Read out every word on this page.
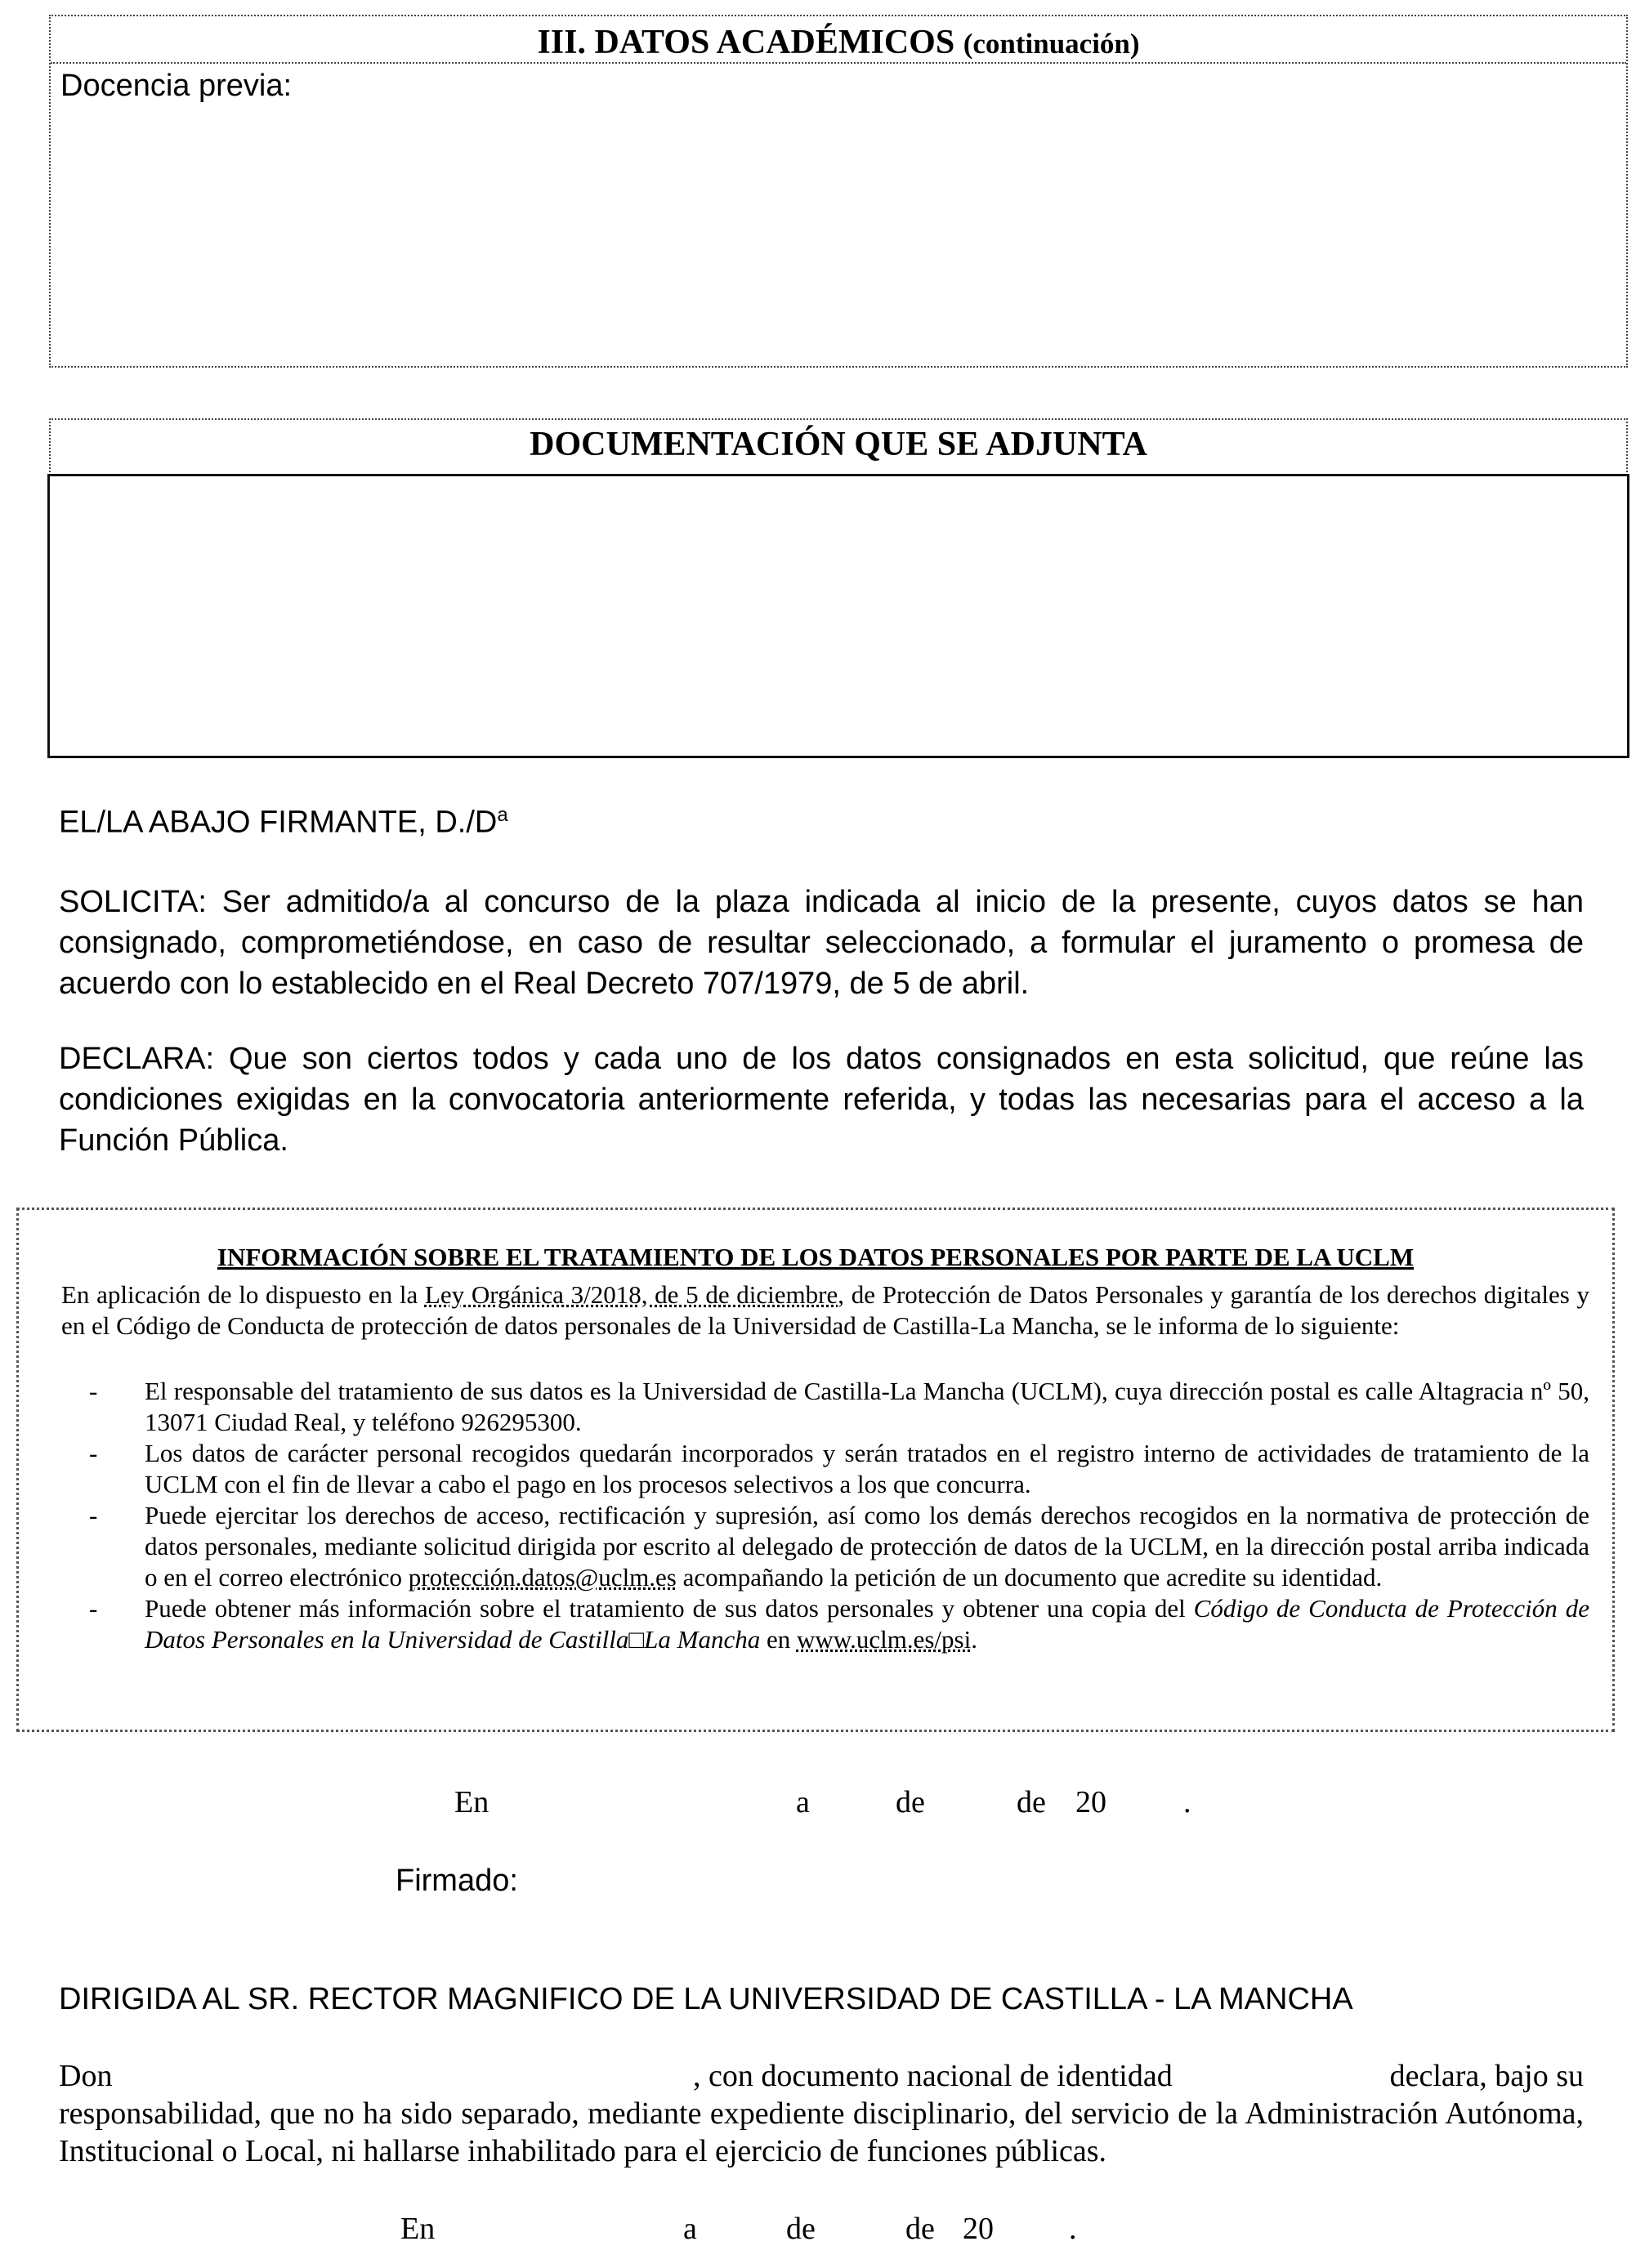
III. DATOS ACADÉMICOS (continuación)
Docencia previa:
DOCUMENTACIÓN QUE SE ADJUNTA
EL/LA ABAJO FIRMANTE, $D./D^a$
SOLICITA: Ser admitido/a al concurso de la plaza indicada al inicio de la presente, cuyos datos se han consignado, comprometiéndose, en caso de resultar seleccionado, a formular el juramento o promesa de acuerdo con lo establecido en el Real Decreto 707/1979, de 5 de abril.
DECLARA: Que son ciertos todos y cada uno de los datos consignados en esta solicitud, que reúne las condiciones exigidas en la convocatoria anteriormente referida, y todas las necesarias para el acceso a la Función Pública.
INFORMACIÓN SOBRE EL TRATAMIENTO DE LOS DATOS PERSONALES POR PARTE DE LA UCLM
En aplicación de lo dispuesto en la Ley Orgánica 3/2018, de 5 de diciembre, de Protección de Datos Personales y garantía de los derechos digitales y en el Código de Conducta de protección de datos personales de la Universidad de Castilla-La Mancha, se le informa de lo siguiente:
- El responsable del tratamiento de sus datos es la Universidad de Castilla-La Mancha (UCLM), cuya dirección postal es calle Altagracia nº 50, 13071 Ciudad Real, y teléfono 926295300.
- Los datos de carácter personal recogidos quedarán incorporados y serán tratados en el registro interno de actividades de tratamiento de la UCLM con el fin de llevar a cabo el pago en los procesos selectivos a los que concurra.
- Puede ejercitar los derechos de acceso, rectificación y supresión, así como los demás derechos recogidos en la normativa de protección de datos personales, mediante solicitud dirigida por escrito al delegado de protección de datos de la UCLM, en la dirección postal arriba indicada o en el correo electrónico protección.datos@uclm.es acompañando la petición de un documento que acredite su identidad.
- Puede obtener más información sobre el tratamiento de sus datos personales y obtener una copia del Código de Conducta de Protección de Datos Personales en la Universidad de Castilla□La Mancha en www.uclm.es/psi.
En	a	de	de 20 .
Firmado:
DIRIGIDA AL SR. RECTOR MAGNIFICO DE LA UNIVERSIDAD DE CASTILLA - LA MANCHA
Don	, con documento nacional de identidad	declara, bajo su
responsabilidad, que no ha sido separado, mediante expediente disciplinario, del servicio de la Administración Autónoma, Institucional o Local, ni hallarse inhabilitado para el ejercicio de funciones públicas.
En	a	de	de 20 .
